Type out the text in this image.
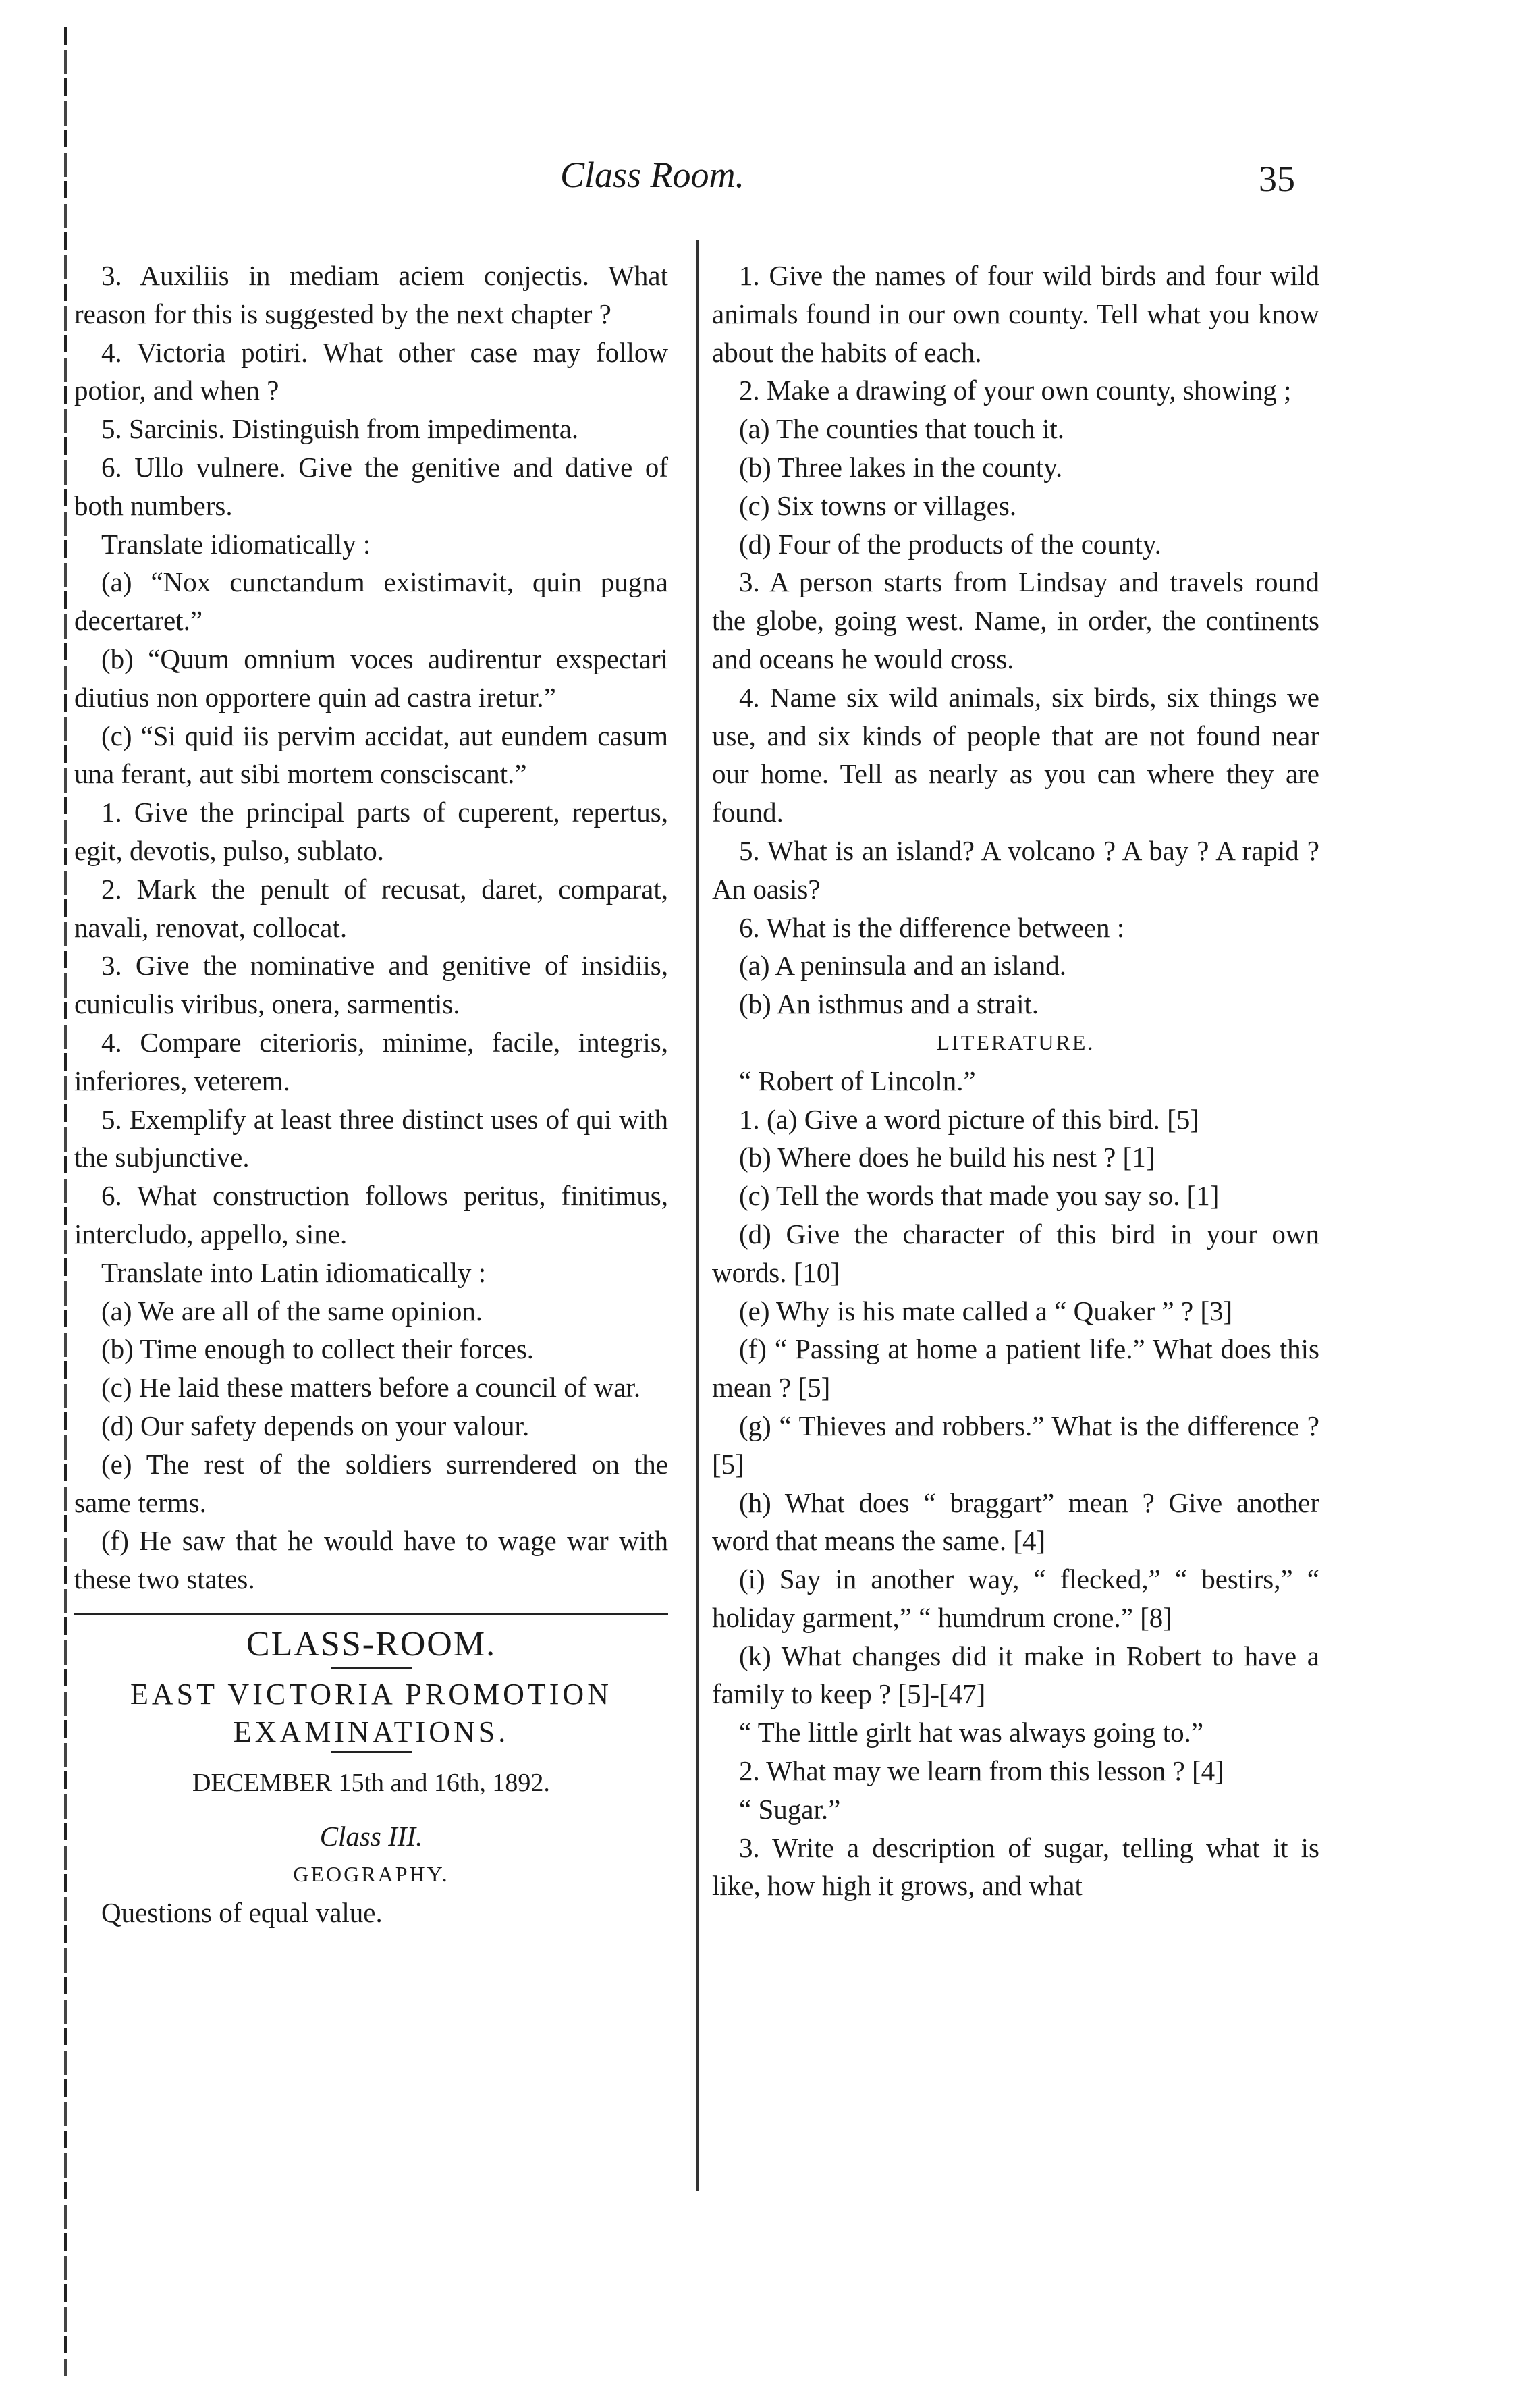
Class Room.	35

3. Auxiliis in mediam aciem conjectis. What reason for this is suggested by the next chapter ?

4. Victoria potiri. What other case may follow potior, and when ?

5. Sarcinis. Distinguish from impedimenta.

6. Ullo vulnere. Give the genitive and dative of both numbers.

Translate idiomatically :

(a) “Nox cunctandum existimavit, quin pugna decertaret.”

(b) “Quum omnium voces audirentur exspectari diutius non opportere quin ad castra iretur.”

(c) “Si quid iis pervim accidat, aut eundem casum una ferant, aut sibi mortem consciscant.”

1. Give the principal parts of cuperent, repertus, egit, devotis, pulso, sublato.

2. Mark the penult of recusat, daret, comparat, navali, renovat, collocat.

3. Give the nominative and genitive of insidiis, cuniculis viribus, onera, sarmentis.

4. Compare citerioris, minime, facile, integris, inferiores, veterem.

5. Exemplify at least three distinct uses of qui with the subjunctive.

6. What construction follows peritus, finitimus, intercludo, appello, sine.

Translate into Latin idiomatically :

(a) We are all of the same opinion.

(b) Time enough to collect their forces.

(c) He laid these matters before a council of war.

(d) Our safety depends on your valour.

(e) The rest of the soldiers surrendered on the same terms.

(f) He saw that he would have to wage war with these two states.

CLASS-ROOM.

EAST VICTORIA PROMOTION EXAMINATIONS.

DECEMBER 15th and 16th, 1892.

Class III.

GEOGRAPHY.

Questions of equal value.

1. Give the names of four wild birds and four wild animals found in our own county. Tell what you know about the habits of each.

2. Make a drawing of your own county, showing ;

(a) The counties that touch it.

(b) Three lakes in the county.

(c) Six towns or villages.

(d) Four of the products of the county.

3. A person starts from Lindsay and travels round the globe, going west. Name, in order, the continents and oceans he would cross.

4. Name six wild animals, six birds, six things we use, and six kinds of people that are not found near our home. Tell as nearly as you can where they are found.

5. What is an island? A volcano ? A bay ? A rapid ? An oasis?

6. What is the difference between :

(a) A peninsula and an island.

(b) An isthmus and a strait.

LITERATURE.

“ Robert of Lincoln.”

1. (a) Give a word picture of this bird. [5]

(b) Where does he build his nest ? [1]

(c) Tell the words that made you say so. [1]

(d) Give the character of this bird in your own words. [10]

(e) Why is his mate called a “ Quaker ” ? [3]

(f) “ Passing at home a patient life.” What does this mean ? [5]

(g) “ Thieves and robbers.” What is the difference ? [5]

(h) What does “ braggart” mean ? Give another word that means the same. [4]

(i) Say in another way, “ flecked,” “ bestirs,” “ holiday garment,” “ humdrum crone.” [8]

(k) What changes did it make in Robert to have a family to keep ? [5]-[47]

“ The little girlt hat was always going to.”

2. What may we learn from this lesson ? [4]

“ Sugar.”

3. Write a description of sugar, telling what it is like, how high it grows, and what
